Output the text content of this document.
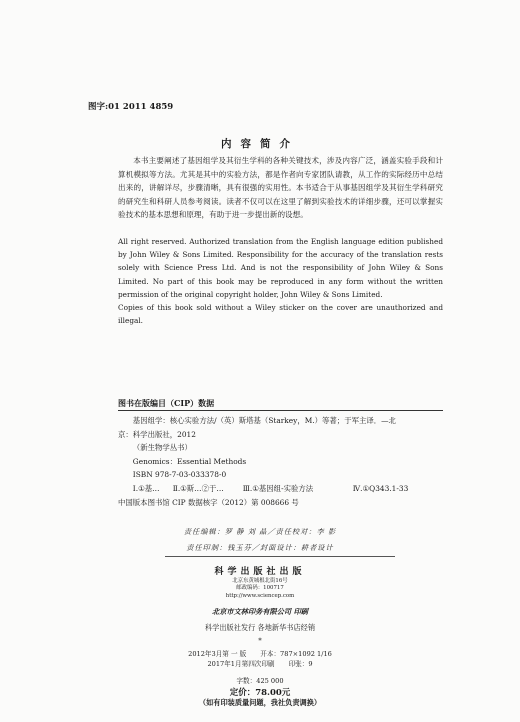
图字:01 2011 4859
内容简介
本书主要阐述了基因组学及其衍生学科的各种关键技术，涉及内容广泛，涵盖实验手段和计算机模拟等方法。尤其是其中的实验方法，都是作者向专家团队请教，从工作的实际经历中总结出来的，讲解详尽，步骤清晰，具有很强的实用性。本书适合于从事基因组学及其衍生学科研究的研究生和科研人员参考阅读。读者不仅可以在这里了解到实验技术的详细步骤，还可以掌握实验技术的基本思想和原理，有助于进一步提出新的设想。

All right reserved. Authorized translation from the English language edition published by John Wiley & Sons Limited. Responsibility for the accuracy of the translation rests solely with Science Press Ltd. And is not the responsibility of John Wiley & Sons Limited. No part of this book may be reproduced in any form without the written permission of the original copyright holder, John Wiley & Sons Limited.

Copies of this book sold without a Wiley sticker on the cover are unauthorized and illegal.

图书在版编目（CIP）数据
基因组学：核心实验方法/（英）斯塔基（Starkey，M.）等著；于军主译．—北
京：科学出版社，2012
（新生物学丛书）
Genomics：Essential Methods
ISBN 978-7-03-033378-0
Ⅰ.①基…	Ⅱ.①斯…②于…	Ⅲ.①基因组-实验方法	Ⅳ.①Q343.1-33
中国版本图书馆 CIP 数据核字（2012）第 008666 号
责任编辑：罗 静 刘 晶／责任校对：李 影
责任印制：钱玉芬／封面设计：耕者设计
科学出版社出版
北京东黄城根北街16号
邮政编码：100717
http://www.sciencep.com
北京市文林印务有限公司 印刷
科学出版社发行 各地新华书店经销
*
2012年3月第 一 版 开本：787×1092 1/16
2017年1月第四次印刷 印张：9
字数：425 000
定价：78.00元
（如有印装质量问题，我社负责调换）
